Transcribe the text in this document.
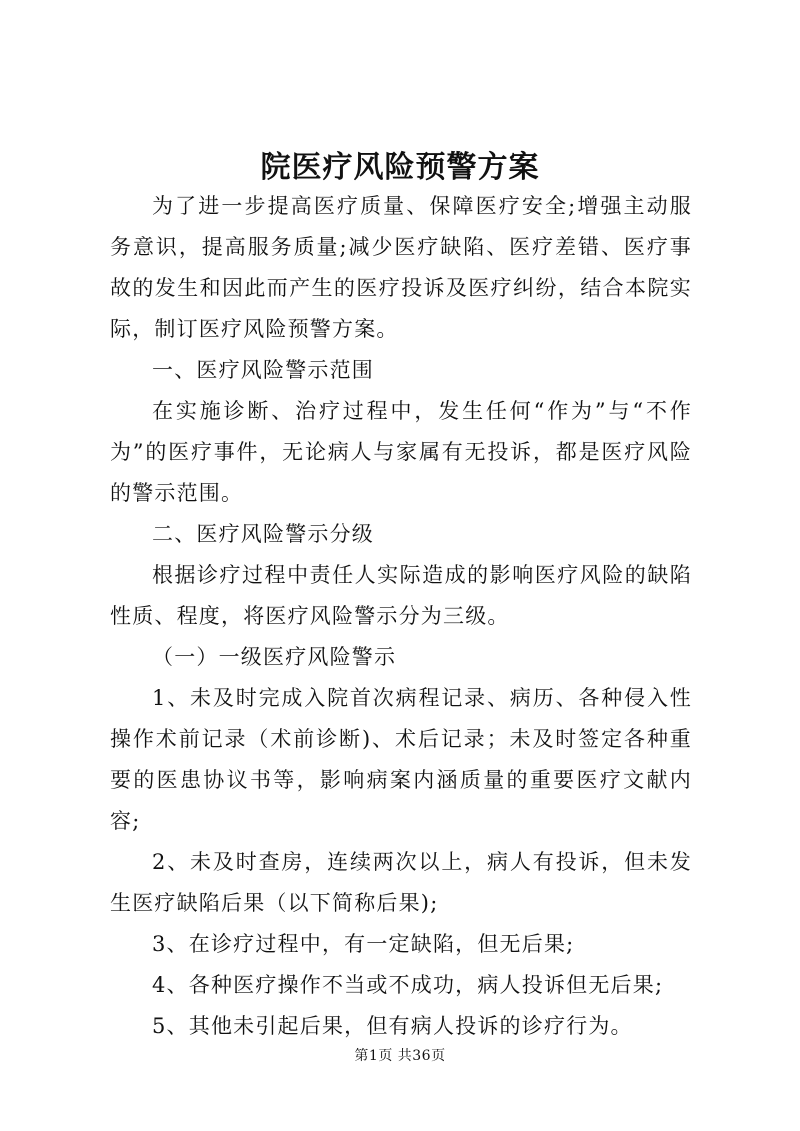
院医疗风险预警方案

为了进一步提高医疗质量、保障医疗安全;增强主动服务意识，提高服务质量;减少医疗缺陷、医疗差错、医疗事故的发生和因此而产生的医疗投诉及医疗纠纷，结合本院实际，制订医疗风险预警方案。

一、医疗风险警示范围

在实施诊断、治疗过程中，发生任何“作为”与“不作为”的医疗事件，无论病人与家属有无投诉，都是医疗风险的警示范围。

二、医疗风险警示分级

根据诊疗过程中责任人实际造成的影响医疗风险的缺陷性质、程度，将医疗风险警示分为三级。

（一）一级医疗风险警示

1、未及时完成入院首次病程记录、病历、各种侵入性操作术前记录（术前诊断)、术后记录；未及时签定各种重要的医患协议书等，影响病案内涵质量的重要医疗文献内容;

2、未及时查房，连续两次以上，病人有投诉，但未发生医疗缺陷后果（以下简称后果);

3、在诊疗过程中，有一定缺陷，但无后果;

4、各种医疗操作不当或不成功，病人投诉但无后果;

5、其他未引起后果，但有病人投诉的诊疗行为。

第1页 共36页
